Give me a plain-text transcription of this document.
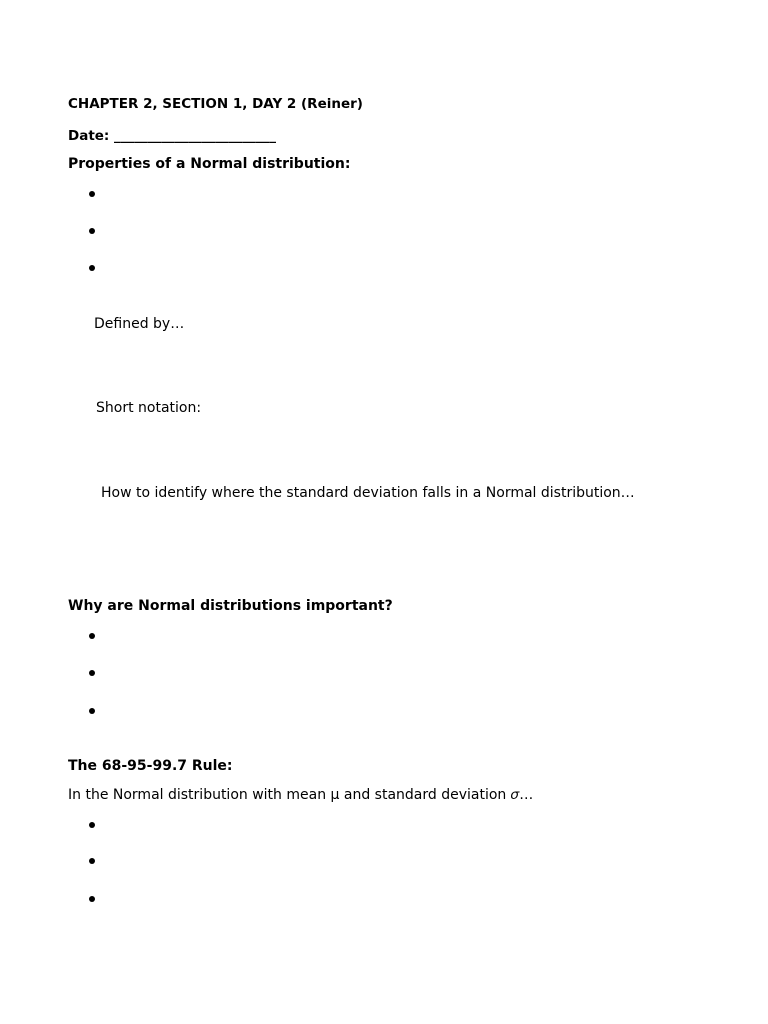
CHAPTER 2, SECTION 1, DAY 2 (Reiner)
Date: ________________________
Properties of a Normal distribution:
Defined by…
Short notation:
How to identify where the standard deviation falls in a Normal distribution…
Why are Normal distributions important?
The 68-95-99.7 Rule:
In the Normal distribution with mean μ and standard deviation 𝜎…
